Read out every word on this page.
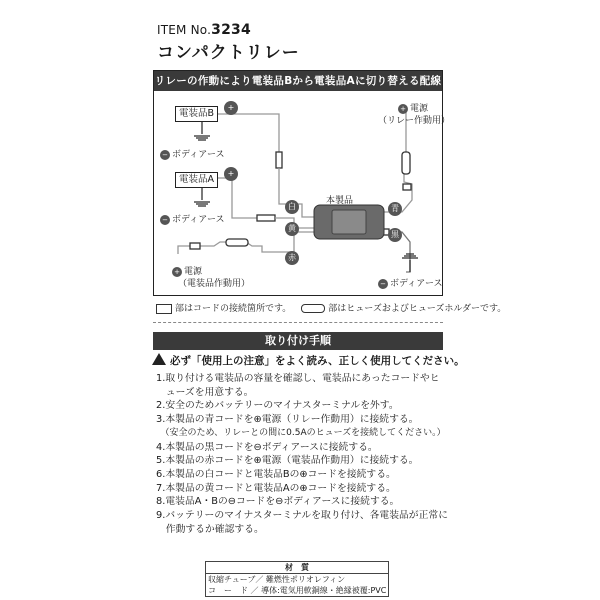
ITEM No.3234
コンパクトリレー
リレーの作動により電装品Bから電装品Aに切り替える配線例
電装品B
+
− ボディアース
電装品A
+
− ボディアース
+ 電源
（リレー作動用）
本製品
白
黄
赤
青
黒
+ 電源
（電装品作動用）	− ボディアース
部はコードの接続箇所です。	部はヒューズおよびヒューズホルダーです。
取り付け手順
必ず「使用上の注意」をよく読み、正しく使用してください。
1.取り付ける電装品の容量を確認し、電装品にあったコードやヒ
　ューズを用意する。
2.安全のためバッテリーのマイナスターミナルを外す。
3.本製品の青コードを⊕電源（リレー作動用）に接続する。
　（安全のため、リレーとの間に0.5Aのヒューズを接続してください。）
4.本製品の黒コードを⊖ボディアースに接続する。
5.本製品の赤コードを⊕電源（電装品作動用）に接続する。
6.本製品の白コードと電装品Bの⊕コードを接続する。
7.本製品の黄コードと電装品Aの⊕コードを接続する。
8.電装品A・Bの⊖コードを⊖ボディアースに接続する。
9.バッテリーのマイナスターミナルを取り付け、各電装品が正常に
　作動するか確認する。
材　質
収縮チューブ／ 難燃性ポリオレフィン
コ　ー　ド ／ 導体:電気用軟銅線・絶縁被覆:PVC
